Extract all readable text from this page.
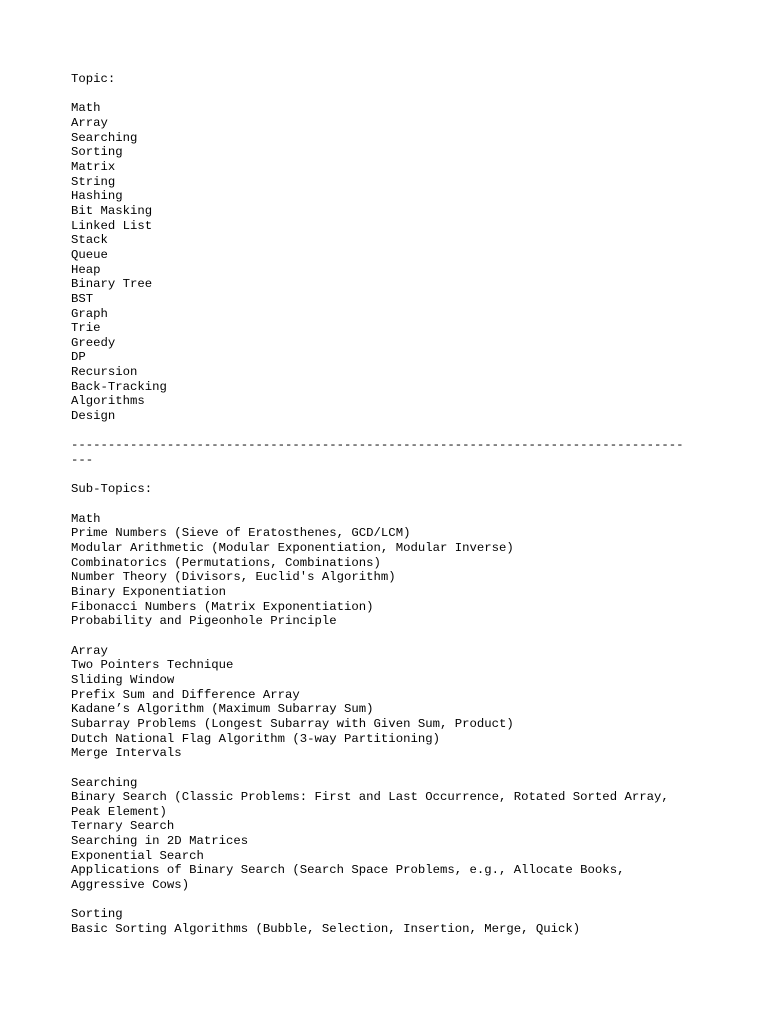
Topic:
Math
Array
Searching
Sorting
Matrix
String
Hashing
Bit Masking
Linked List
Stack
Queue
Heap
Binary Tree
BST
Graph
Trie
Greedy
DP
Recursion
Back-Tracking
Algorithms
Design
-----------------------------------------------------------------------------------
---
Sub-Topics:
Math
Prime Numbers (Sieve of Eratosthenes, GCD/LCM)
Modular Arithmetic (Modular Exponentiation, Modular Inverse)
Combinatorics (Permutations, Combinations)
Number Theory (Divisors, Euclid's Algorithm)
Binary Exponentiation
Fibonacci Numbers (Matrix Exponentiation)
Probability and Pigeonhole Principle
Array
Two Pointers Technique
Sliding Window
Prefix Sum and Difference Array
Kadane’s Algorithm (Maximum Subarray Sum)
Subarray Problems (Longest Subarray with Given Sum, Product)
Dutch National Flag Algorithm (3-way Partitioning)
Merge Intervals
Searching
Binary Search (Classic Problems: First and Last Occurrence, Rotated Sorted Array,
Peak Element)
Ternary Search
Searching in 2D Matrices
Exponential Search
Applications of Binary Search (Search Space Problems, e.g., Allocate Books,
Aggressive Cows)
Sorting
Basic Sorting Algorithms (Bubble, Selection, Insertion, Merge, Quick)
